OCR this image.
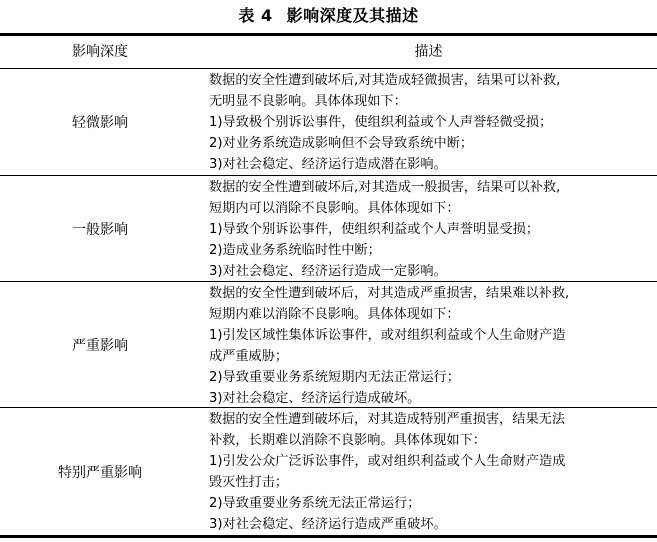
表 4 影响深度及其描述
影响深度	描述
轻微影响
数据的安全性遭到破坏后,对其造成轻微损害，结果可以补救,
无明显不良影响。具体体现如下：
1)导致极个别诉讼事件，使组织利益或个人声誉轻微受损；
2)对业务系统造成影响但不会导致系统中断；
3)对社会稳定、经济运行造成潜在影响。
一般影响
数据的安全性遭到破坏后,对其造成一般损害，结果可以补救,
短期内可以消除不良影响。具体体现如下：
1)导致个别诉讼事件，使组织利益或个人声誉明显受损；
2)造成业务系统临时性中断；
3)对社会稳定、经济运行造成一定影响。
严重影响
数据的安全性遭到破坏后，对其造成严重损害，结果难以补救,
短期内难以消除不良影响。具体体现如下：
1)引发区域性集体诉讼事件，或对组织利益或个人生命财产造
成严重威胁；
2)导致重要业务系统短期内无法正常运行；
3)对社会稳定、经济运行造成破坏。
特别严重影响
数据的安全性遭到破坏后，对其造成特别严重损害，结果无法
补救，长期难以消除不良影响。具体体现如下：
1)引发公众广泛诉讼事件，或对组织利益或个人生命财产造成
毁灭性打击；
2)导致重要业务系统无法正常运行；
3)对社会稳定、经济运行造成严重破坏。
